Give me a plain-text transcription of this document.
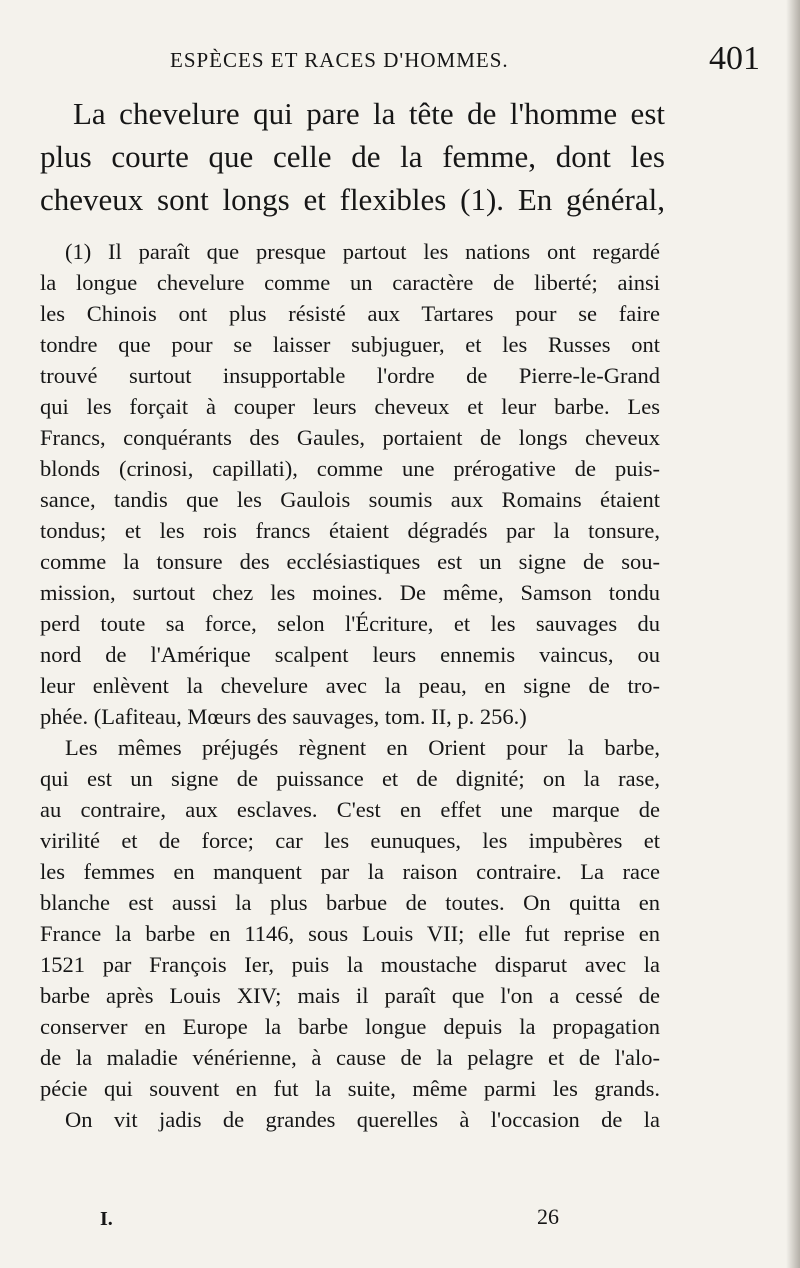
ESPÈCES ET RACES D'HOMMES.	401
La chevelure qui pare la tête de l'homme est
plus courte que celle de la femme, dont les
cheveux sont longs et flexibles (1). En général,
(1) Il paraît que presque partout les nations ont regardé
la longue chevelure comme un caractère de liberté; ainsi
les Chinois ont plus résisté aux Tartares pour se faire
tondre que pour se laisser subjuguer, et les Russes ont
trouvé surtout insupportable l'ordre de Pierre-le-Grand
qui les forçait à couper leurs cheveux et leur barbe. Les
Francs, conquérants des Gaules, portaient de longs cheveux
blonds (crinosi, capillati), comme une prérogative de puis-
sance, tandis que les Gaulois soumis aux Romains étaient
tondus; et les rois francs étaient dégradés par la tonsure,
comme la tonsure des ecclésiastiques est un signe de sou-
mission, surtout chez les moines. De même, Samson tondu
perd toute sa force, selon l'Écriture, et les sauvages du
nord de l'Amérique scalpent leurs ennemis vaincus, ou
leur enlèvent la chevelure avec la peau, en signe de tro-
phée. (Lafiteau, Mœurs des sauvages, tom. II, p. 256.)
Les mêmes préjugés règnent en Orient pour la barbe,
qui est un signe de puissance et de dignité; on la rase,
au contraire, aux esclaves. C'est en effet une marque de
virilité et de force; car les eunuques, les impubères et
les femmes en manquent par la raison contraire. La race
blanche est aussi la plus barbue de toutes. On quitta en
France la barbe en 1146, sous Louis VII; elle fut reprise en
1521 par François Ier, puis la moustache disparut avec la
barbe après Louis XIV; mais il paraît que l'on a cessé de
conserver en Europe la barbe longue depuis la propagation
de la maladie vénérienne, à cause de la pelagre et de l'alo-
pécie qui souvent en fut la suite, même parmi les grands.
On vit jadis de grandes querelles à l'occasion de la
I.	26
